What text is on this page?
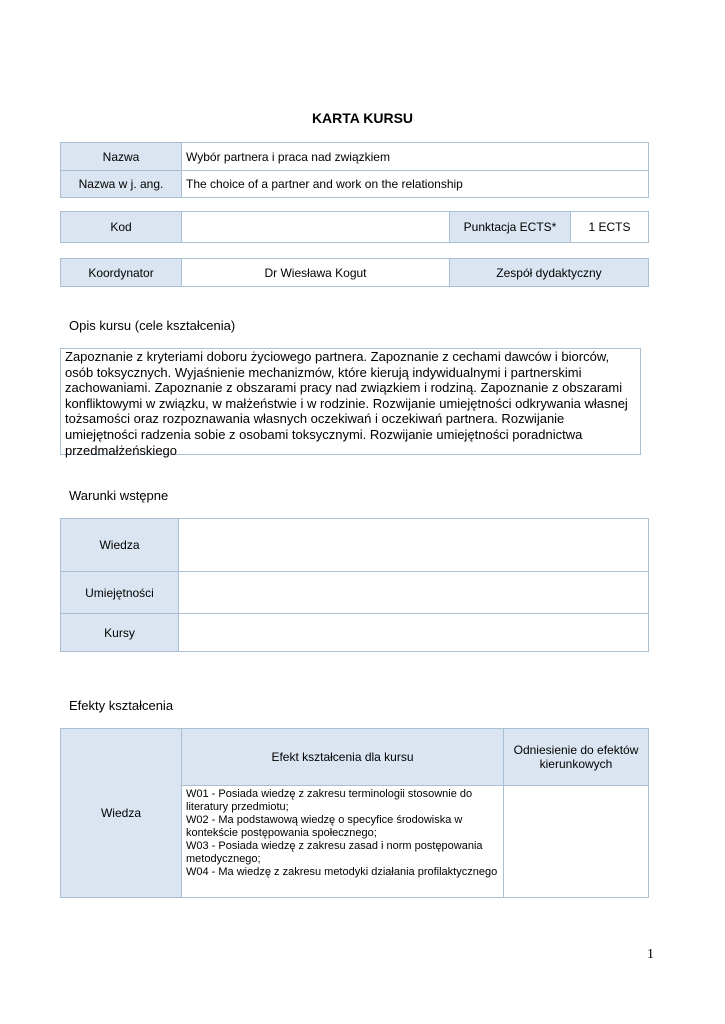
KARTA KURSU
Nazwa	Wybór partnera i praca nad związkiem
Nazwa w j. ang.	The choice of a partner and work on the relationship
Kod		Punktacja ECTS*	1 ECTS
Koordynator	Dr Wiesława Kogut	Zespół dydaktyczny
Opis kursu (cele kształcenia)
Zapoznanie z kryteriami doboru życiowego partnera. Zapoznanie z cechami dawców i biorców, osób toksycznych. Wyjaśnienie mechanizmów, które kierują indywidualnymi i partnerskimi zachowaniami. Zapoznanie z obszarami pracy nad związkiem i rodziną. Zapoznanie z obszarami konfliktowymi w związku, w małżeństwie i w rodzinie. Rozwijanie umiejętności odkrywania własnej tożsamości oraz rozpoznawania własnych oczekiwań i oczekiwań partnera. Rozwijanie umiejętności radzenia sobie z osobami toksycznymi. Rozwijanie umiejętności poradnictwa przedmałżeńskiego
Warunki wstępne
Wiedza	
Umiejętności	
Kursy	
Efekty kształcenia
Wiedza	Efekt kształcenia dla kursu	Odniesienie do efektów kierunkowych

	W01 - Posiada wiedzę z zakresu terminologii stosownie do literatury przedmiotu;
W02 - Ma podstawową wiedzę o specyfice środowiska w kontekście postępowania społecznego;
W03 - Posiada wiedzę z zakresu zasad i norm postępowania metodycznego;
W04 - Ma wiedzę z zakresu metodyki działania profilaktycznego	

1
